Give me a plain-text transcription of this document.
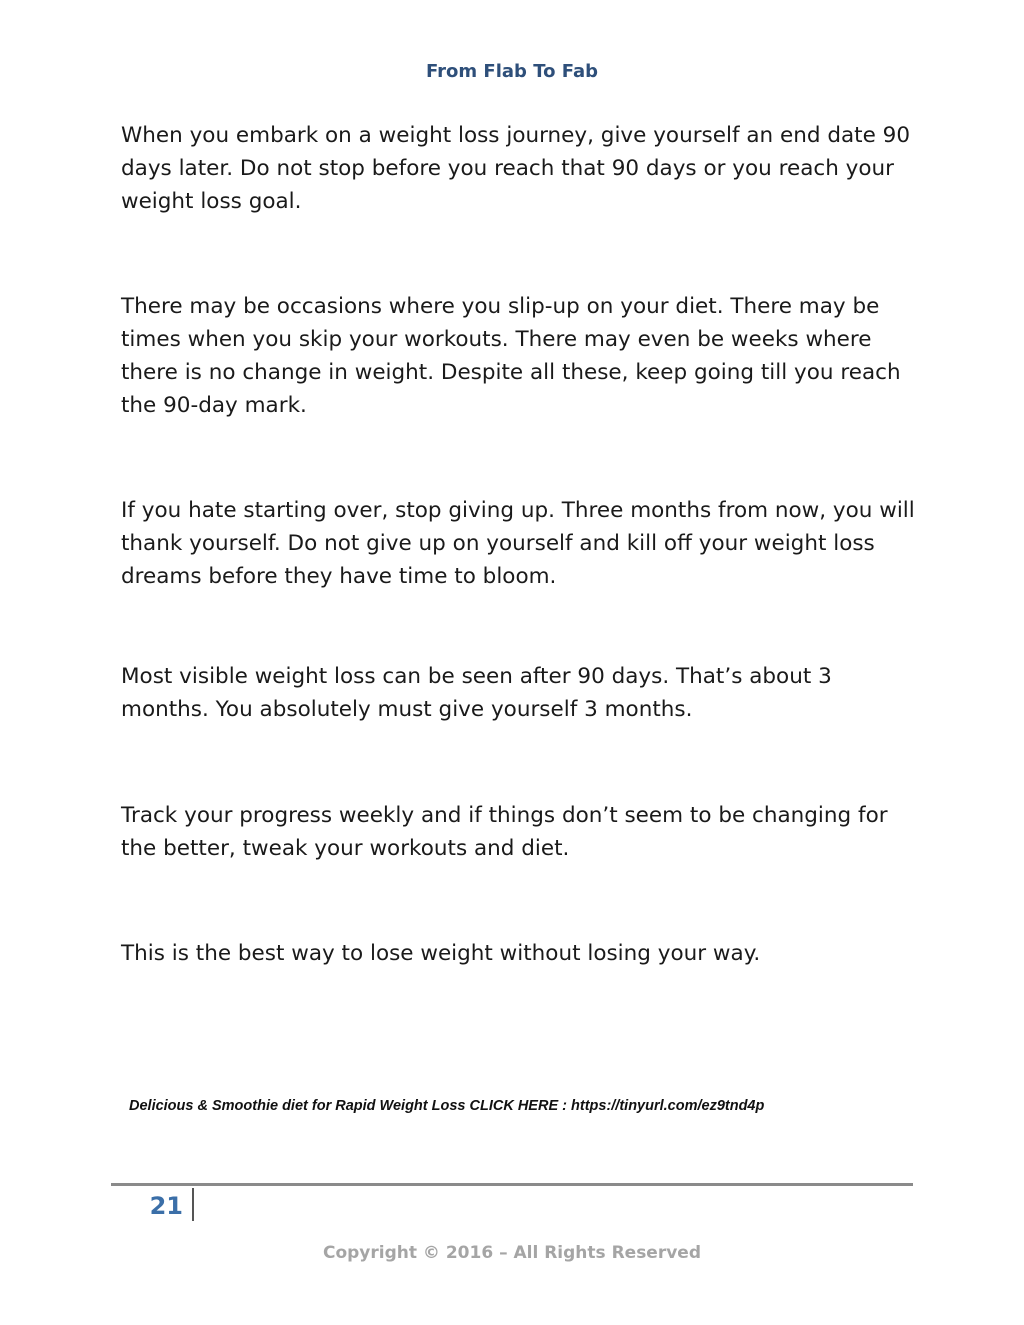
From Flab To Fab

When you embark on a weight loss journey, give yourself an end date 90 days later. Do not stop before you reach that 90 days or you reach your weight loss goal.

There may be occasions where you slip-up on your diet. There may be times when you skip your workouts. There may even be weeks where there is no change in weight. Despite all these, keep going till you reach the 90-day mark.

If you hate starting over, stop giving up. Three months from now, you will thank yourself. Do not give up on yourself and kill off your weight loss dreams before they have time to bloom.

Most visible weight loss can be seen after 90 days. That’s about 3 months. You absolutely must give yourself 3 months.

Track your progress weekly and if things don’t seem to be changing for the better, tweak your workouts and diet.

This is the best way to lose weight without losing your way.

Delicious & Smoothie diet for Rapid Weight Loss CLICK HERE : https://tinyurl.com/ez9tnd4p

21

Copyright © 2016 – All Rights Reserved
